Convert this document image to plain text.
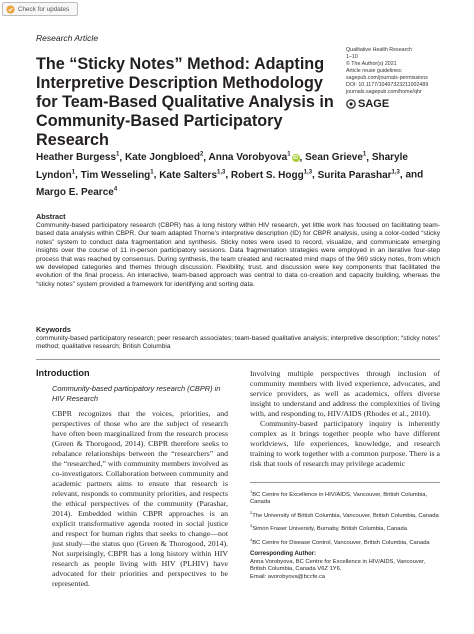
Check for updates
Research Article
The “Sticky Notes” Method: Adapting Interpretive Description Methodology for Team-Based Qualitative Analysis in Community-Based Participatory Research
Qualitative Health Research
1–10
© The Author(s) 2021
Article reuse guidelines:
sagepub.com/journals-permissions
DOI: 10.1177/10497323211002489
journals.sagepub.com/home/qhr
SAGE
Heather Burgess$^1$, Kate Jongbloed$^2$, Anna Vorobyova$^1$iD , Sean Grieve$^1$, Sharyle Lyndon$^1$, Tim Wesseling$^1$, Kate Salters$^{1,3}$, Robert S. Hogg$^{1,3}$, Surita Parashar$^{1,3}$, and Margo E. Pearce$^4$
Abstract

Community-based participatory research (CBPR) has a long history within HIV research, yet little work has focused on facilitating team-based data analysis within CBPR. Our team adapted Thorne’s interpretive description (ID) for CBPR analysis, using a color-coded “sticky notes” system to conduct data fragmentation and synthesis. Sticky notes were used to record, visualize, and communicate emerging insights over the course of 11 in-person participatory sessions. Data fragmentation strategies were employed in an iterative four-step process that was reached by consensus. During synthesis, the team created and recreated mind maps of the 969 sticky notes, from which we developed categories and themes through discussion. Flexibility, trust, and discussion were key components that facilitated the evolution of the final process. An interactive, team-based approach was central to data co-creation and capacity building, whereas the “sticky notes” system provided a framework for identifying and sorting data.

Keywords

community-based participatory research; peer research associates; team-based qualitative analysis; interpretive description; “sticky notes” method; qualitative research; British Columbia

Introduction

Community-based participatory research (CBPR) in HIV Research

CBPR recognizes that the voices, priorities, and perspectives of those who are the subject of research have often been marginalized from the research process (Green & Thorogood, 2014). CBPR therefore seeks to rebalance relationships between the “researchers” and the “researched,” with community members involved as co-investigators. Collaboration between community and academic partners aims to ensure that research is relevant, responds to community priorities, and respects the ethical perspectives of the community (Parashar, 2014). Embedded within CBPR approaches is an explicit transformative agenda rooted in social justice and respect for human rights that seeks to change—not just study—the status quo (Green & Thorogood, 2014). Not surprisingly, CBPR has a long history within HIV research as people living with HIV (PLHIV) have advocated for their priorities and perspectives to be represented.

Involving multiple perspectives through inclusion of community members with lived experience, advocates, and service providers, as well as academics, offers diverse insight to understand and address the complexities of living with, and responding to, HIV/AIDS (Rhodes et al., 2010).

Community-based participatory inquiry is inherently complex as it brings together people who have different worldviews, life experiences, knowledge, and research training to work together with a common purpose. There is a risk that tools of research may privilege academic

$^1$BC Centre for Excellence in HIV/AIDS, Vancouver, British Columbia, Canada
$^2$The University of British Columbia, Vancouver, British Columbia, Canada
$^3$Simon Fraser University, Burnaby, British Columbia, Canada
$^4$BC Centre for Disease Control, Vancouver, British Columbia, Canada
Corresponding Author:
Anna Vorobyova, BC Centre for Excellence in HIV/AIDS, Vancouver, British Columbia, Canada V6Z 1Y6.
Email: avorobyova@bccfe.ca
